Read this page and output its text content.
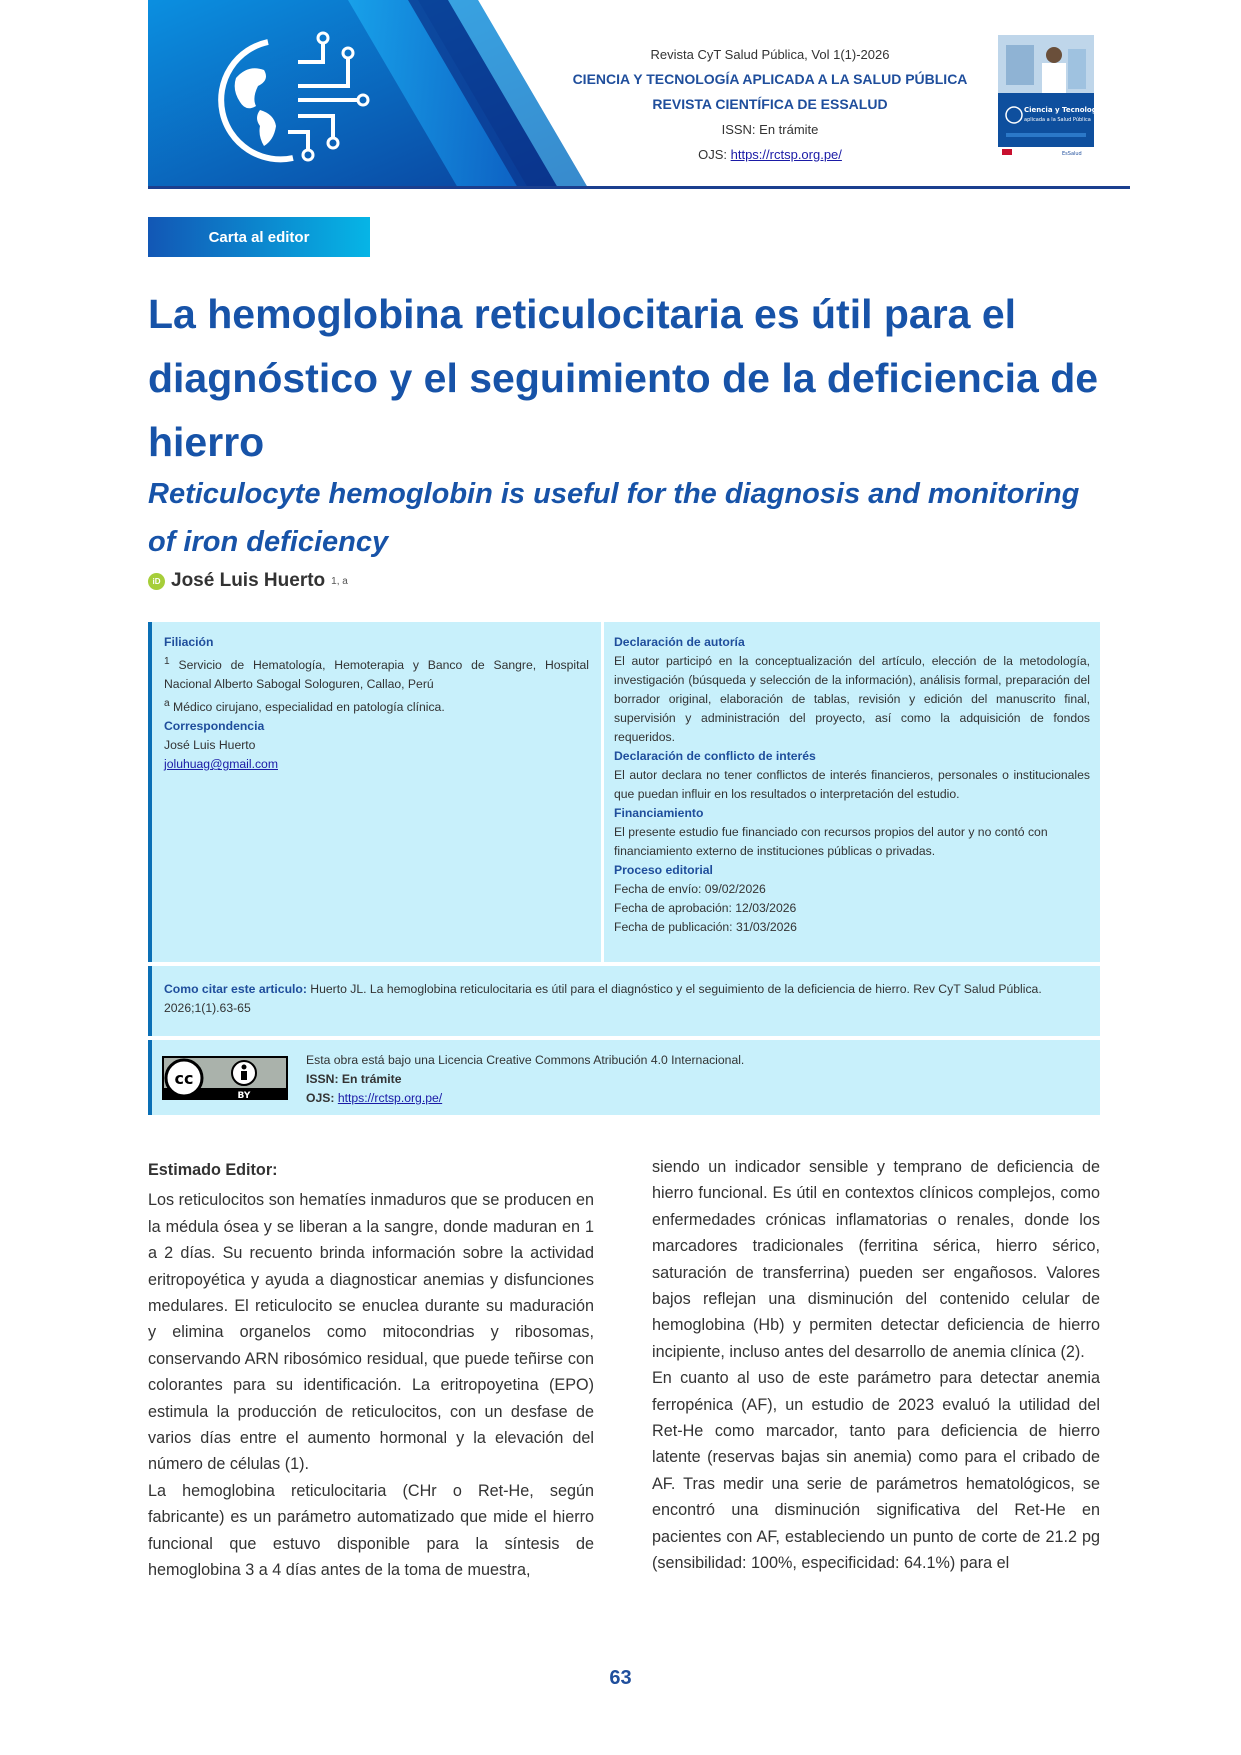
Revista CyT Salud Pública, Vol 1(1)-2026
CIENCIA Y TECNOLOGÍA APLICADA A LA SALUD PÚBLICA
REVISTA CIENTÍFICA DE ESSALUD
ISSN: En trámite
OJS: https://rctsp.org.pe/
Ciencia y Tecnología
aplicada a la Salud Pública
EsSalud
Carta al editor
La hemoglobina reticulocitaria es útil para el diagnóstico y el seguimiento de la deficiencia de hierro
Reticulocyte hemoglobin is useful for the diagnosis and monitoring of iron deficiency
iD José Luis Huerto 1, a
Filiación
$^1$ Servicio de Hematología, Hemoterapia y Banco de Sangre, Hospital Nacional Alberto Sabogal Sologuren, Callao, Perú
$^a$ Médico cirujano, especialidad en patología clínica.
Correspondencia
José Luis Huerto
joluhuag@gmail.com
Declaración de autoría
El autor participó en la conceptualización del artículo, elección de la metodología, investigación (búsqueda y selección de la información), análisis formal, preparación del borrador original, elaboración de tablas, revisión y edición del manuscrito final, supervisión y administración del proyecto, así como la adquisición de fondos requeridos.
Declaración de conflicto de interés
El autor declara no tener conflictos de interés financieros, personales o institucionales que puedan influir en los resultados o interpretación del estudio.
Financiamiento
El presente estudio fue financiado con recursos propios del autor y no contó con financiamiento externo de instituciones públicas o privadas.
Proceso editorial
Fecha de envío: 09/02/2026
Fecha de aprobación: 12/03/2026
Fecha de publicación: 31/03/2026
Como citar este articulo: Huerto JL. La hemoglobina reticulocitaria es útil para el diagnóstico y el seguimiento de la deficiencia de hierro. Rev CyT Salud Pública. 2026;1(1).63-65
cc
BY
Esta obra está bajo una Licencia Creative Commons Atribución 4.0 Internacional.
ISSN: En trámite
OJS: https://rctsp.org.pe/

Estimado Editor:

Los reticulocitos son hematíes inmaduros que se producen en la médula ósea y se liberan a la sangre, donde maduran en 1 a 2 días. Su recuento brinda información sobre la actividad eritropoyética y ayuda a diagnosticar anemias y disfunciones medulares. El reticulocito se enuclea durante su maduración y elimina organelos como mitocondrias y ribosomas, conservando ARN ribosómico residual, que puede teñirse con colorantes para su identificación. La eritropoyetina (EPO) estimula la producción de reticulocitos, con un desfase de varios días entre el aumento hormonal y la elevación del número de células (1).

La hemoglobina reticulocitaria (CHr o Ret-He, según fabricante) es un parámetro automatizado que mide el hierro funcional que estuvo disponible para la síntesis de hemoglobina 3 a 4 días antes de la toma de muestra,

siendo un indicador sensible y temprano de deficiencia de hierro funcional. Es útil en contextos clínicos complejos, como enfermedades crónicas inflamatorias o renales, donde los marcadores tradicionales (ferritina sérica, hierro sérico, saturación de transferrina) pueden ser engañosos. Valores bajos reflejan una disminución del contenido celular de hemoglobina (Hb) y permiten detectar deficiencia de hierro incipiente, incluso antes del desarrollo de anemia clínica (2).

En cuanto al uso de este parámetro para detectar anemia ferropénica (AF), un estudio de 2023 evaluó la utilidad del Ret-He como marcador, tanto para deficiencia de hierro latente (reservas bajas sin anemia) como para el cribado de AF. Tras medir una serie de parámetros hematológicos, se encontró una disminución significativa del Ret-He en pacientes con AF, estableciendo un punto de corte de 21.2 pg (sensibilidad: 100%, especificidad: 64.1%) para el

63
